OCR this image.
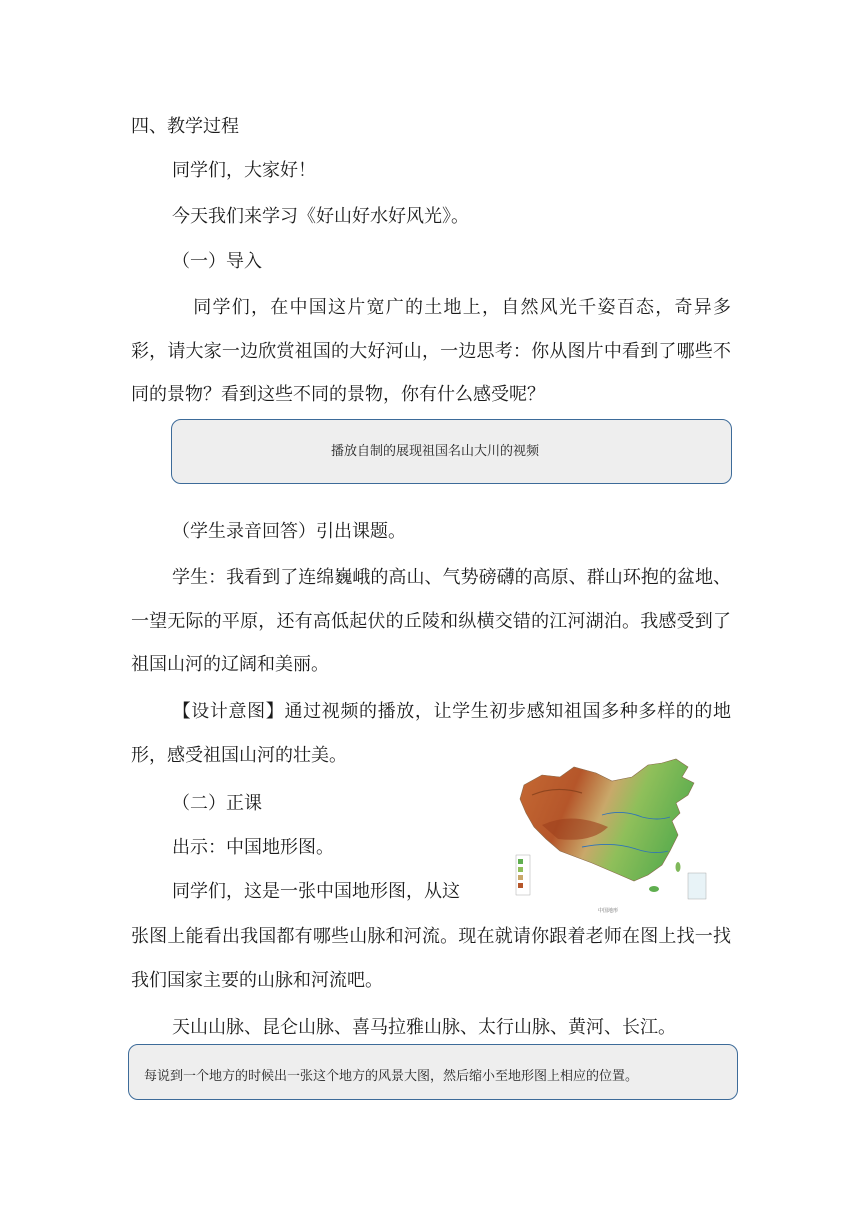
四、教学过程
同学们，大家好！
今天我们来学习《好山好水好风光》。
（一）导入
同学们，在中国这片宽广的土地上，自然风光千姿百态，奇异多彩，请大家一边欣赏祖国的大好河山，一边思考：你从图片中看到了哪些不同的景物？看到这些不同的景物，你有什么感受呢？
播放自制的展现祖国名山大川的视频
（学生录音回答）引出课题。
学生：我看到了连绵巍峨的高山、气势磅礴的高原、群山环抱的盆地、一望无际的平原，还有高低起伏的丘陵和纵横交错的江河湖泊。我感受到了祖国山河的辽阔和美丽。
【设计意图】通过视频的播放，让学生初步感知祖国多种多样的的地形，感受祖国山河的壮美。
（二）正课
出示：中国地形图。
同学们，这是一张中国地形图，从这
张图上能看出我国都有哪些山脉和河流。现在就请你跟着老师在图上找一找我们国家主要的山脉和河流吧。
天山山脉、昆仑山脉、喜马拉雅山脉、太行山脉、黄河、长江。
每说到一个地方的时候出一张这个地方的风景大图，然后缩小至地形图上相应的位置。
中国地形
